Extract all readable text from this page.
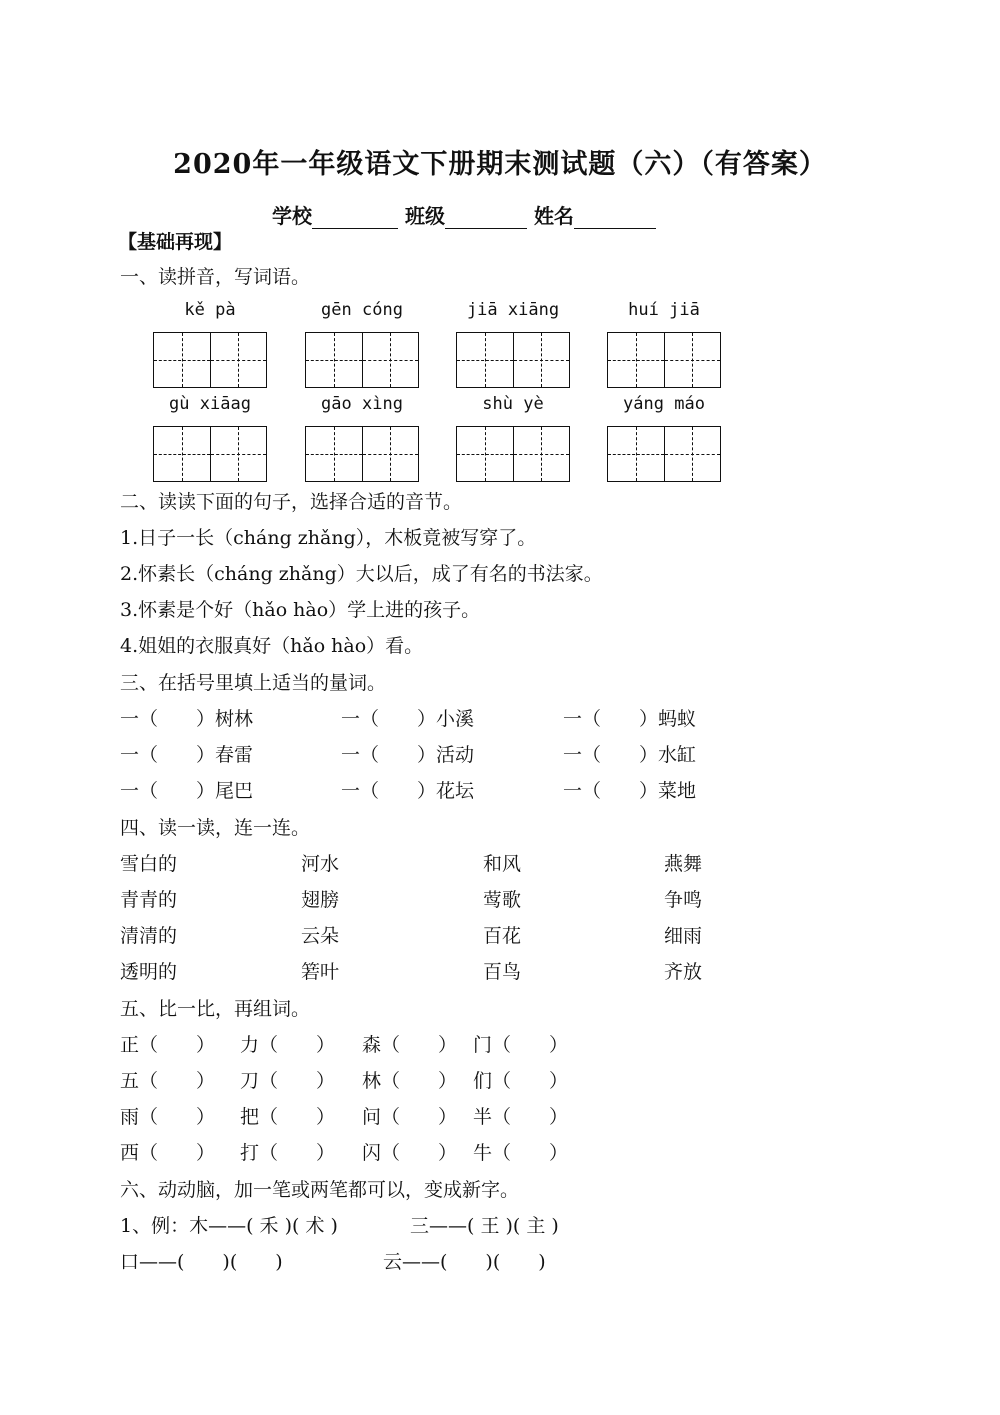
2020年一年级语文下册期末测试题（六）（有答案）
学校	班级	姓名
【基础再现】
一、读拼音，写词语。
kě pà	gēn cóng	jiā xiāng	huí jiā
gù xiāag	gāo xìng	shù yè	yáng máo
二、读读下面的句子，选择合适的音节。
1.日子一长（cháng zhǎng），木板竟被写穿了。
2.怀素长（cháng zhǎng）大以后，成了有名的书法家。
3.怀素是个好（hǎo hào）学上进的孩子。
4.姐姐的衣服真好（hǎo hào）看。
三、在括号里填上适当的量词。
一（　　）树林	一（　　）小溪	一（　　）蚂蚁
一（　　）春雷	一（　　）活动	一（　　）水缸
一（　　）尾巴	一（　　）花坛	一（　　）菜地
四、读一读，连一连。
雪白的	河水	和风	燕舞
青青的	翅膀	莺歌	争鸣
清清的	云朵	百花	细雨
透明的	箬叶	百鸟	齐放
五、比一比，再组词。
正（　　） 力（　　） 森（　　） 门（　　）
五（　　） 刀（　　） 林（　　） 们（　　）
雨（　　） 把（　　） 问（　　） 半（　　）
西（　　） 打（　　） 闪（　　） 牛（　　）
六、动动脑，加一笔或两笔都可以，变成新字。
1、例：木——( 禾 )( 术 )	三——( 王 )( 主 )
口——(　　)(　　)	云——(　　)(　　)
